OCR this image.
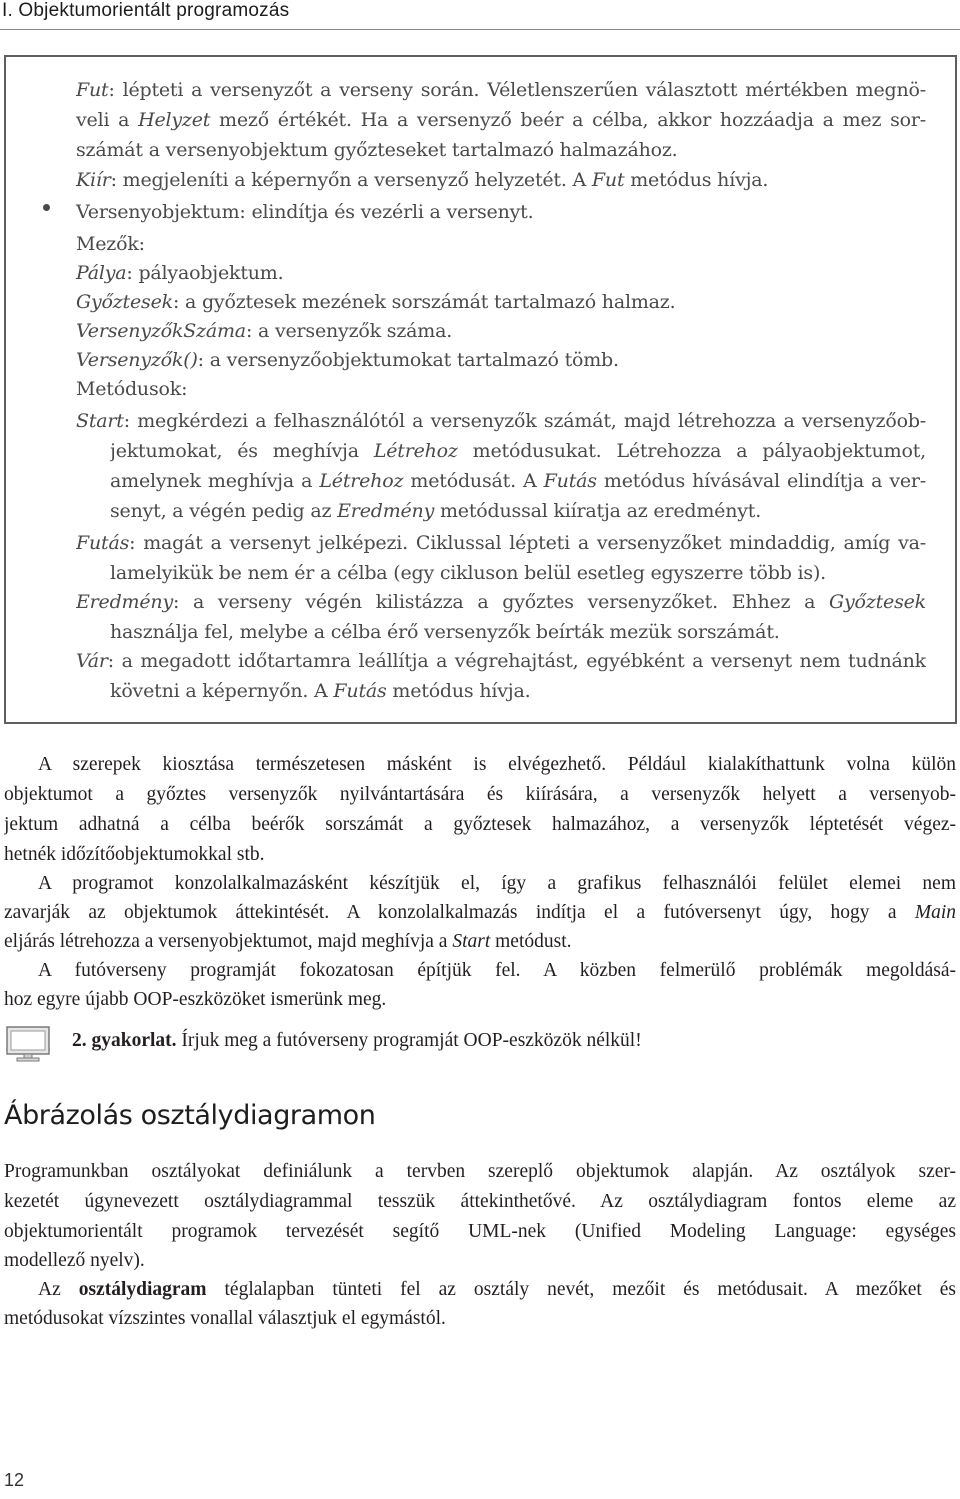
I. Objektumorientált programozás
Fut: lépteti a versenyzőt a verseny során. Véletlenszerűen választott mértékben megnö-
veli a Helyzet mező értékét. Ha a versenyző beér a célba, akkor hozzáadja a mez sor-
számát a versenyobjektum győzteseket tartalmazó halmazához.
Kiír: megjeleníti a képernyőn a versenyző helyzetét. A Fut metódus hívja.
Versenyobjektum: elindítja és vezérli a versenyt.
Mezők:
Pálya: pályaobjektum.
Győztesek: a győztesek mezének sorszámát tartalmazó halmaz.
VersenyzőkSzáma: a versenyzők száma.
Versenyzők(): a versenyzőobjektumokat tartalmazó tömb.
Metódusok:
Start: megkérdezi a felhasználótól a versenyzők számát, majd létrehozza a versenyzőob-
jektumokat, és meghívja Létrehoz metódusukat. Létrehozza a pályaobjektumot,
amelynek meghívja a Létrehoz metódusát. A Futás metódus hívásával elindítja a ver-
senyt, a végén pedig az Eredmény metódussal kiíratja az eredményt.
Futás: magát a versenyt jelképezi. Ciklussal lépteti a versenyzőket mindaddig, amíg va-
lamelyikük be nem ér a célba (egy cikluson belül esetleg egyszerre több is).
Eredmény: a verseny végén kilistázza a győztes versenyzőket. Ehhez a Győztesek
használja fel, melybe a célba érő versenyzők beírták mezük sorszámát.
Vár: a megadott időtartamra leállítja a végrehajtást, egyébként a versenyt nem tudnánk
követni a képernyőn. A Futás metódus hívja.
A szerepek kiosztása természetesen másként is elvégezhető. Például kialakíthattunk volna külön
objektumot a győztes versenyzők nyilvántartására és kiírására, a versenyzők helyett a versenyob-
jektum adhatná a célba beérők sorszámát a győztesek halmazához, a versenyzők léptetését végez-
hetnék időzítőobjektumokkal stb.
A programot konzolalkalmazásként készítjük el, így a grafikus felhasználói felület elemei nem
zavarják az objektumok áttekintését. A konzolalkalmazás indítja el a futóversenyt úgy, hogy a Main
eljárás létrehozza a versenyobjektumot, majd meghívja a Start metódust.
A futóverseny programját fokozatosan építjük fel. A közben felmerülő problémák megoldásá-
hoz egyre újabb OOP-eszközöket ismerünk meg.
Programunkban osztályokat definiálunk a tervben szereplő objektumok alapján. Az osztályok szer-
kezetét úgynevezett osztálydiagrammal tesszük áttekinthetővé. Az osztálydiagram fontos eleme az
objektumorientált programok tervezését segítő UML-nek (Unified Modeling Language: egységes
modellező nyelv).
Az osztálydiagram téglalapban tünteti fel az osztály nevét, mezőit és metódusait. A mezőket és
metódusokat vízszintes vonallal választjuk el egymástól.
2. gyakorlat. Írjuk meg a futóverseny programját OOP-eszközök nélkül!
Ábrázolás osztálydiagramon
12
